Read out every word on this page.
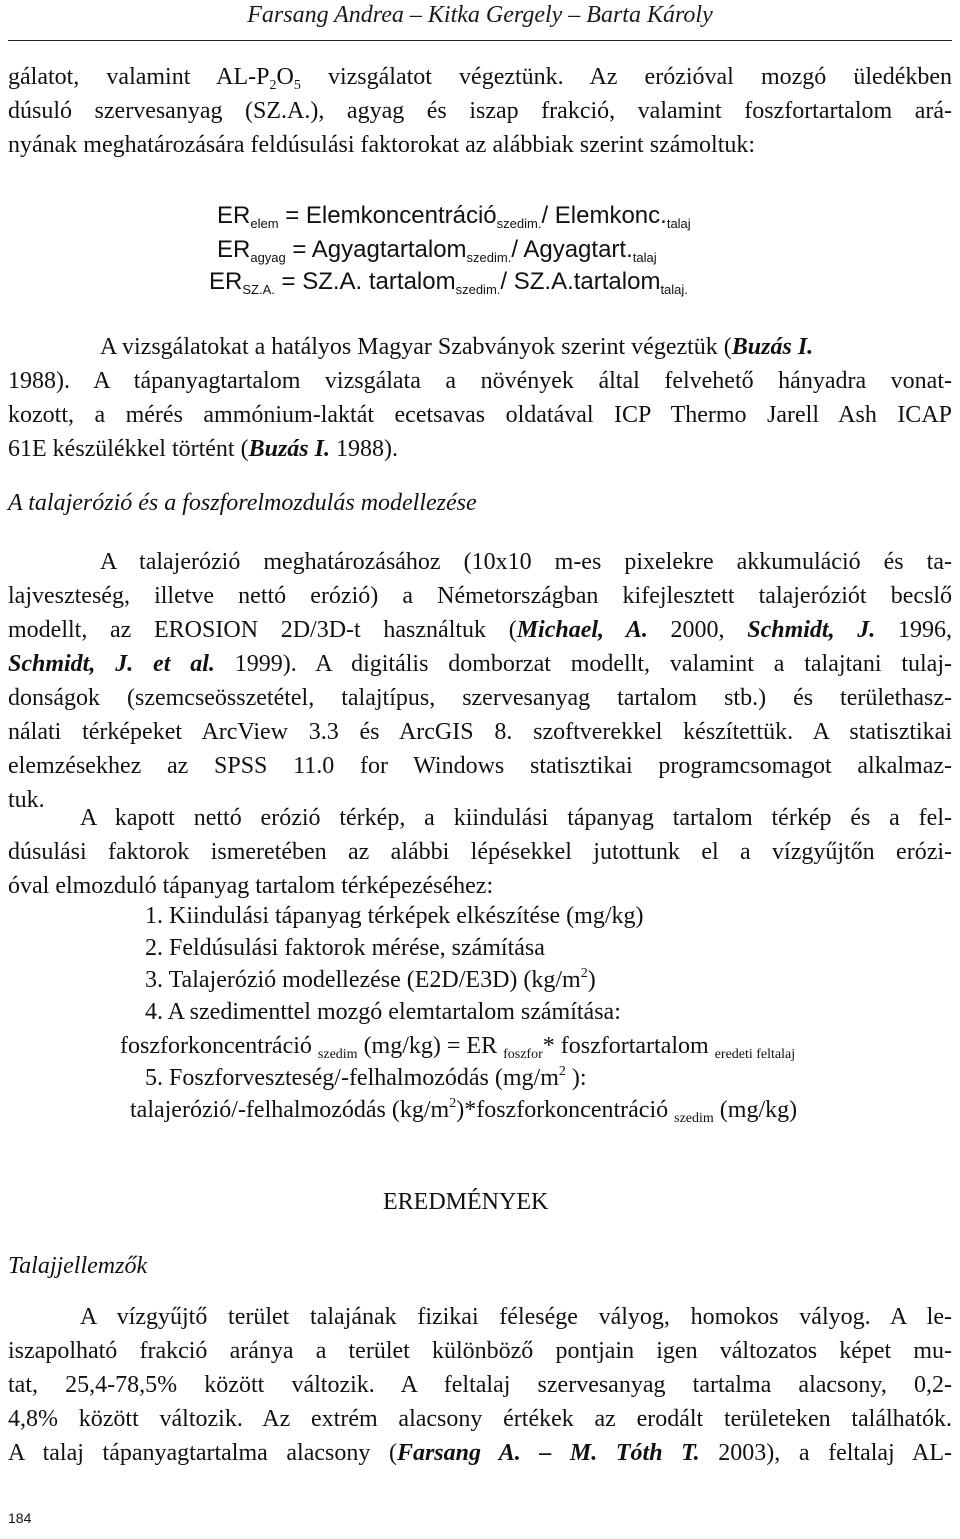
Farsang Andrea – Kitka Gergely – Barta Károly
gálatot, valamint $AL-P_2O_5$ vizsgálatot végeztünk. Az erózióval mozgó üledékben
dúsuló szervesanyag (SZ.A.), agyag és iszap frakció, valamint foszfortartalom ará-
nyának meghatározására feldúsulási faktorokat az alábbiak szerint számoltuk:
$ER_{elem}$ = Elemkoncentráció$_{szedim.}$/ $Elemkonc._{talaj}$
$ER_{agyag}$ = Agyagtartalom$_{szedim.}$/ $Agyagtart._{talaj}$
$ER_{SZ.A.} = SZ.A$. tartalom$_{szedim.}$/ SZ.A.tartalom$_{talaj.}$
A vizsgálatokat a hatályos Magyar Szabványok szerint végeztük (Buzás I.
1988). A tápanyagtartalom vizsgálata a növények által felvehető hányadra vonat-
kozott, a mérés ammónium-laktát ecetsavas oldatával ICP Thermo Jarell Ash ICAP
61E készülékkel történt (Buzás I. 1988).
A talajerózió és a foszforelmozdulás modellezése
A talajerózió meghatározásához (10x10 m-es pixelekre akkumuláció és ta-
lajveszteség, illetve nettó erózió) a Németországban kifejlesztett talajeróziót becslő
modellt, az EROSION 2D/3D-t használtuk (Michael, A. 2000, Schmidt, J. 1996,
Schmidt, J. et al. 1999). A digitális domborzat modellt, valamint a talajtani tulaj-
donságok (szemcseösszetétel, talajtípus, szervesanyag tartalom stb.) és területhasz-
nálati térképeket ArcView 3.3 és ArcGIS 8. szoftverekkel készítettük. A statisztikai
elemzésekhez az SPSS 11.0 for Windows statisztikai programcsomagot alkalmaz-
tuk.
A kapott nettó erózió térkép, a kiindulási tápanyag tartalom térkép és a fel-
dúsulási faktorok ismeretében az alábbi lépésekkel jutottunk el a vízgyűjtőn erózi-
óval elmozduló tápanyag tartalom térképezéséhez:
1. Kiindulási tápanyag térképek elkészítése (mg/kg)
2. Feldúsulási faktorok mérése, számítása
3. Talajerózió modellezése (E2D/E3D) $(kg/m^2)$
4. A szedimenttel mozgó elemtartalom számítása:
foszforkoncentráció $_{szedim}$ (mg/kg) = ER $_{foszfor}$* foszfortartalom $_{eredeti feltalaj}$
5. Foszforveszteség/-felhalmozódás ($mg/m^2$ ):
talajerózió/-felhalmozódás $(kg/m^2)*foszforkoncentráció$ $_{szedim}$ (mg/kg)
EREDMÉNYEK
Talajjellemzők
A vízgyűjtő terület talajának fizikai félesége vályog, homokos vályog. A le-
iszapolható frakció aránya a terület különböző pontjain igen változatos képet mu-
tat, 25,4-78,5% között változik. A feltalaj szervesanyag tartalma alacsony, 0,2-
4,8% között változik. Az extrém alacsony értékek az erodált területeken találhatók.
A talaj tápanyagtartalma alacsony (Farsang A. – M. Tóth T. 2003), a feltalaj AL-
184
